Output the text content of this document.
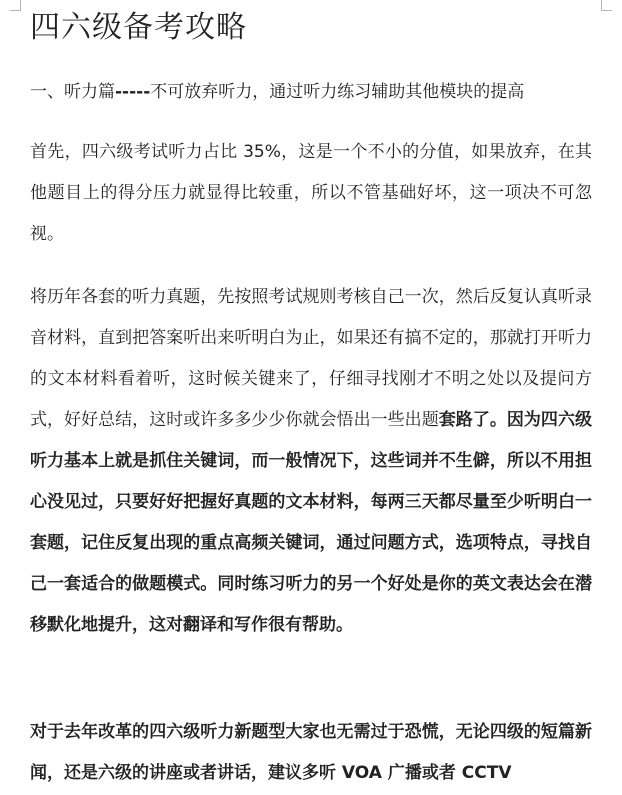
四六级备考攻略

一、听力篇-----不可放弃听力，通过听力练习辅助其他模块的提高

首先，四六级考试听力占比 35%，这是一个不小的分值，如果放弃，在其他题目上的得分压力就显得比较重，所以不管基础好坏，这一项决不可忽视。

将历年各套的听力真题，先按照考试规则考核自己一次，然后反复认真听录音材料，直到把答案听出来听明白为止，如果还有搞不定的，那就打开听力的文本材料看着听，这时候关键来了，仔细寻找刚才不明之处以及提问方式，好好总结，这时或许多多少少你就会悟出一些出题套路了。因为四六级听力基本上就是抓住关键词，而一般情况下，这些词并不生僻，所以不用担心没见过，只要好好把握好真题的文本材料，每两三天都尽量至少听明白一套题，记住反复出现的重点高频关键词，通过问题方式，选项特点，寻找自己一套适合的做题模式。同时练习听力的另一个好处是你的英文表达会在潜移默化地提升，这对翻译和写作很有帮助。

对于去年改革的四六级听力新题型大家也无需过于恐慌，无论四级的短篇新闻，还是六级的讲座或者讲话，建议多听 VOA 广播或者 CCTV
